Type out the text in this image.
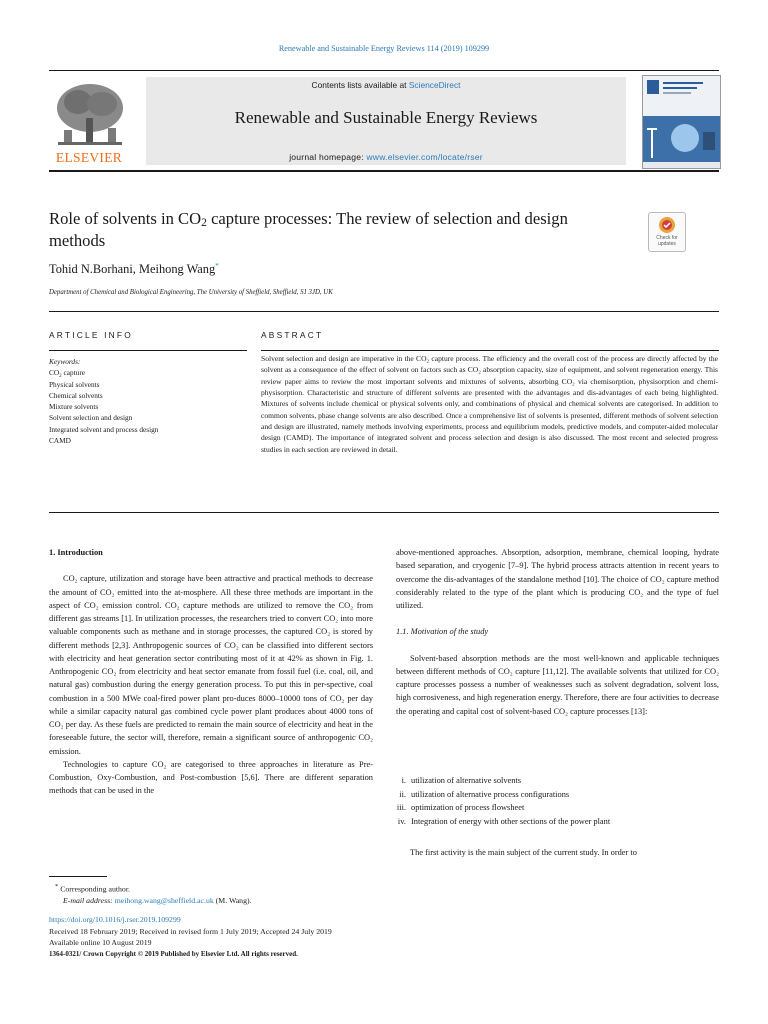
Renewable and Sustainable Energy Reviews 114 (2019) 109299
ELSEVIER
Contents lists available at ScienceDirect
Renewable and Sustainable Energy Reviews
journal homepage: www.elsevier.com/locate/rser
Role of solvents in $CO_2$ capture processes: The review of selection and design
methods	Check for
updates
Tohid N.Borhani, Meihong Wang*
Department of Chemical and Biological Engineering, The University of Sheffield, Sheffield, S1 3JD, UK
ARTICLE INFO	ABSTRACT
Keywords:
$CO_2$ capture
Physical solvents
Chemical solvents
Mixture solvents
Solvent selection and design
Integrated solvent and process design
CAMD
Solvent selection and design are imperative in the CO₂ capture process. The efficiency and the overall cost of the process are directly affected by the solvent as a consequence of the effect of solvent on factors such as CO₂ absorption capacity, size of equipment, and solvent regeneration energy. This review paper aims to review the most important solvents and mixtures of solvents, absorbing CO₂ via chemisorption, physisorption and chemi-physisorption. Characteristic and structure of different solvents are presented with the advantages and dis-advantages of each being highlighted. Mixtures of solvents include chemical or physical solvents only, and combinations of physical and chemical solvents are categorised. In addition to common solvents, phase change solvents are also described. Once a comprehensive list of solvents is presented, different methods of solvent selection and design are illustrated, namely methods involving experiments, process and equilibrium models, predictive models, and computer-aided molecular design (CAMD). The importance of integrated solvent and process selection and design is also discussed. The most recent and selected progress studies in each section are reviewed in detail.

1. Introduction

CO₂ capture, utilization and storage have been attractive and practical methods to decrease the amount of CO₂ emitted into the at-mosphere. All these three methods are important in the aspect of CO₂ emission control. CO₂ capture methods are utilized to remove the CO₂ from different gas streams [1]. In utilization processes, the researchers tried to convert CO₂ into more valuable components such as methane and in storage processes, the captured CO₂ is stored by different methods [2,3]. Anthropogenic sources of CO₂ can be classified into different sectors with electricity and heat generation sector contributing most of it at 42% as shown in Fig. 1. Anthropogenic CO₂ from electricity and heat sector emanate from fossil fuel (i.e. coal, oil, and natural gas) combustion during the energy generation process. To put this in per-spective, coal combustion in a 500 MWe coal-fired power plant pro-duces 8000–10000 tons of CO₂ per day while a similar capacity natural gas combined cycle power plant produces about 4000 tons of CO₂ per day. As these fuels are predicted to remain the main source of electricity and heat in the foreseeable future, the sector will, therefore, remain a significant source of anthropogenic CO₂ emission.

Technologies to capture CO₂ are categorised to three approaches in literature as Pre-Combustion, Oxy-Combustion, and Post-combustion [5,6]. There are different separation methods that can be used in the

above-mentioned approaches. Absorption, adsorption, membrane, chemical looping, hydrate based separation, and cryogenic [7–9]. The hybrid process attracts attention in recent years to overcome the dis-advantages of the standalone method [10]. The choice of CO₂ capture method considerably related to the type of the plant which is producing CO₂ and the type of fuel utilized.

1.1. Motivation of the study

Solvent-based absorption methods are the most well-known and applicable techniques between different methods of CO₂ capture [11,12]. The available solvents that utilized for CO₂ capture processes possess a number of weaknesses such as solvent degradation, solvent loss, high corrosiveness, and high regeneration energy. Therefore, there are four activities to decrease the operating and capital cost of solvent-based CO₂ capture processes [13]:

i. utilization of alternative solvents
ii. utilization of alternative process configurations
iii. optimization of process flowsheet
iv. Integration of energy with other sections of the power plant
The first activity is the main subject of the current study. In order to
* Corresponding author.
E-mail address: meihong.wang@sheffield.ac.uk (M. Wang).
https://doi.org/10.1016/j.rser.2019.109299
Received 18 February 2019; Received in revised form 1 July 2019; Accepted 24 July 2019
Available online 10 August 2019
1364-0321/ Crown Copyright © 2019 Published by Elsevier Ltd. All rights reserved.
